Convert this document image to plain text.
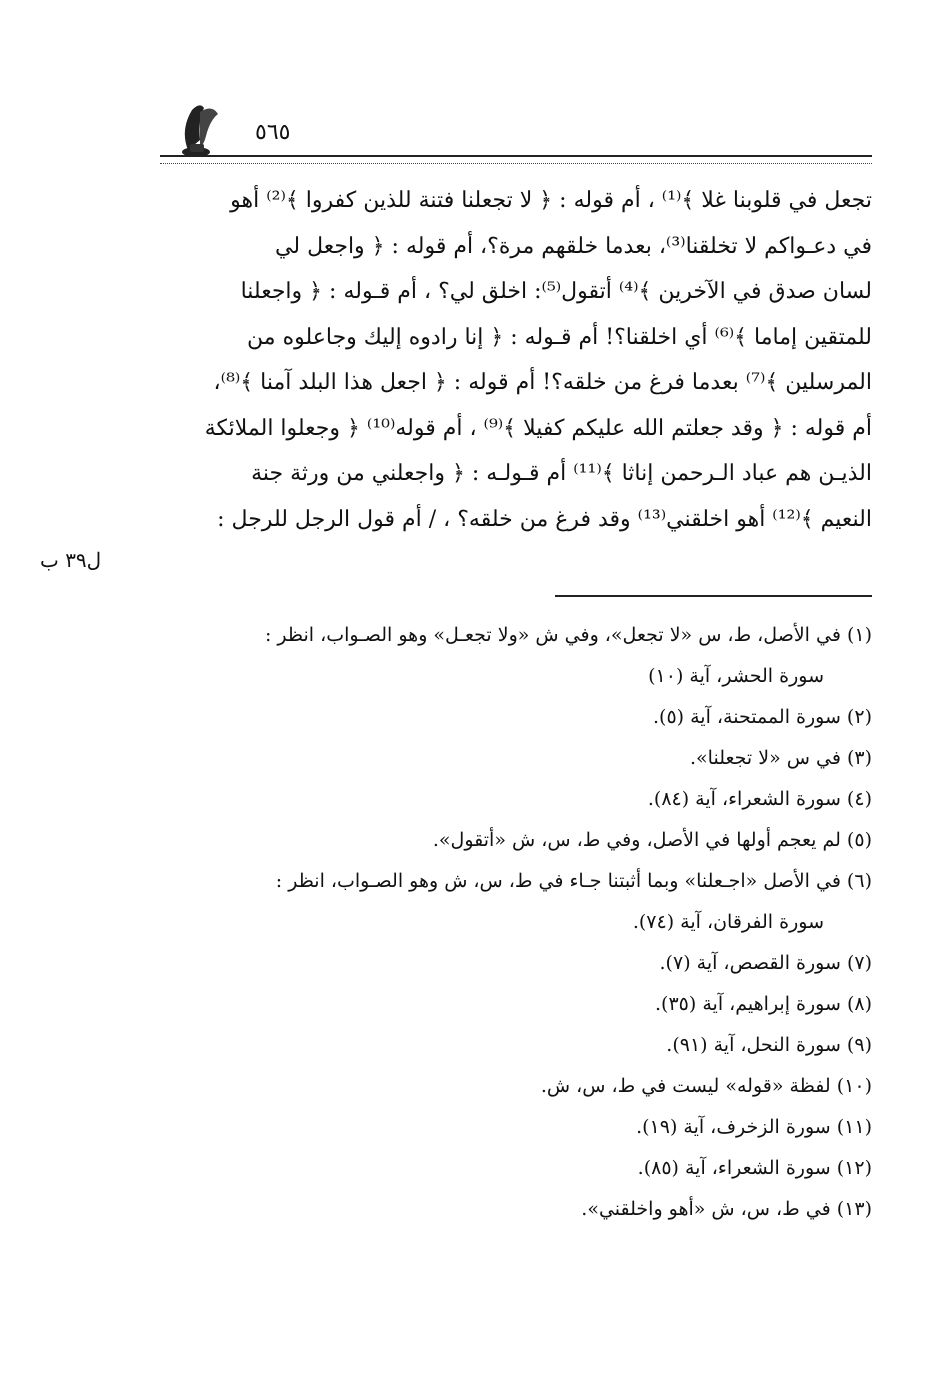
٥٦٥
تجعل في قلوبنا غلا ﴾⁽¹⁾ ، أم قوله : ﴿ لا تجعلنا فتنة للذين كفروا ﴾⁽²⁾ أهو
في دعـواكم لا تخلقنا⁽³⁾، بعدما خلقهم مرة؟، أم قوله : ﴿ واجعل لي
لسان صدق في الآخرين ﴾⁽⁴⁾ أتقول⁽⁵⁾: اخلق لي؟ ، أم قـوله : ﴿ واجعلنا
للمتقين إماما ﴾⁽⁶⁾ أي اخلقنا؟! أم قـوله : ﴿ إنا رادوه إليك وجاعلوه من
المرسلين ﴾⁽⁷⁾ بعدما فرغ من خلقه؟! أم قوله : ﴿ اجعل هذا البلد آمنا ﴾⁽⁸⁾،
أم قوله : ﴿ وقد جعلتم الله عليكم كفيلا ﴾⁽⁹⁾ ، أم قوله⁽¹⁰⁾ ﴿ وجعلوا الملائكة
الذيـن هم عباد الـرحمن إناثا ﴾⁽¹¹⁾ أم قـولـه : ﴿ واجعلني من ورثة جنة
النعيم ﴾⁽¹²⁾ أهو اخلقني⁽¹³⁾ وقد فرغ من خلقه؟ ، / أم قول الرجل للرجل :
ل٣٩ ب
(١) في الأصل، ط، س «لا تجعل»، وفي ش «ولا تجعـل» وهو الصـواب، انظر :
سورة الحشر، آية (١٠)
(٢) سورة الممتحنة، آية (٥).
(٣) في س «لا تجعلنا».
(٤) سورة الشعراء، آية (٨٤).
(٥) لم يعجم أولها في الأصل، وفي ط، س، ش «أتقول».
(٦) في الأصل «اجـعلنا» وبما أثبتنا جـاء في ط، س، ش وهو الصـواب، انظر :
سورة الفرقان، آية (٧٤).
(٧) سورة القصص، آية (٧).
(٨) سورة إبراهيم، آية (٣٥).
(٩) سورة النحل، آية (٩١).
(١٠) لفظة «قوله» ليست في ط، س، ش.
(١١) سورة الزخرف، آية (١٩).
(١٢) سورة الشعراء، آية (٨٥).
(١٣) في ط، س، ش «أهو واخلقني».
